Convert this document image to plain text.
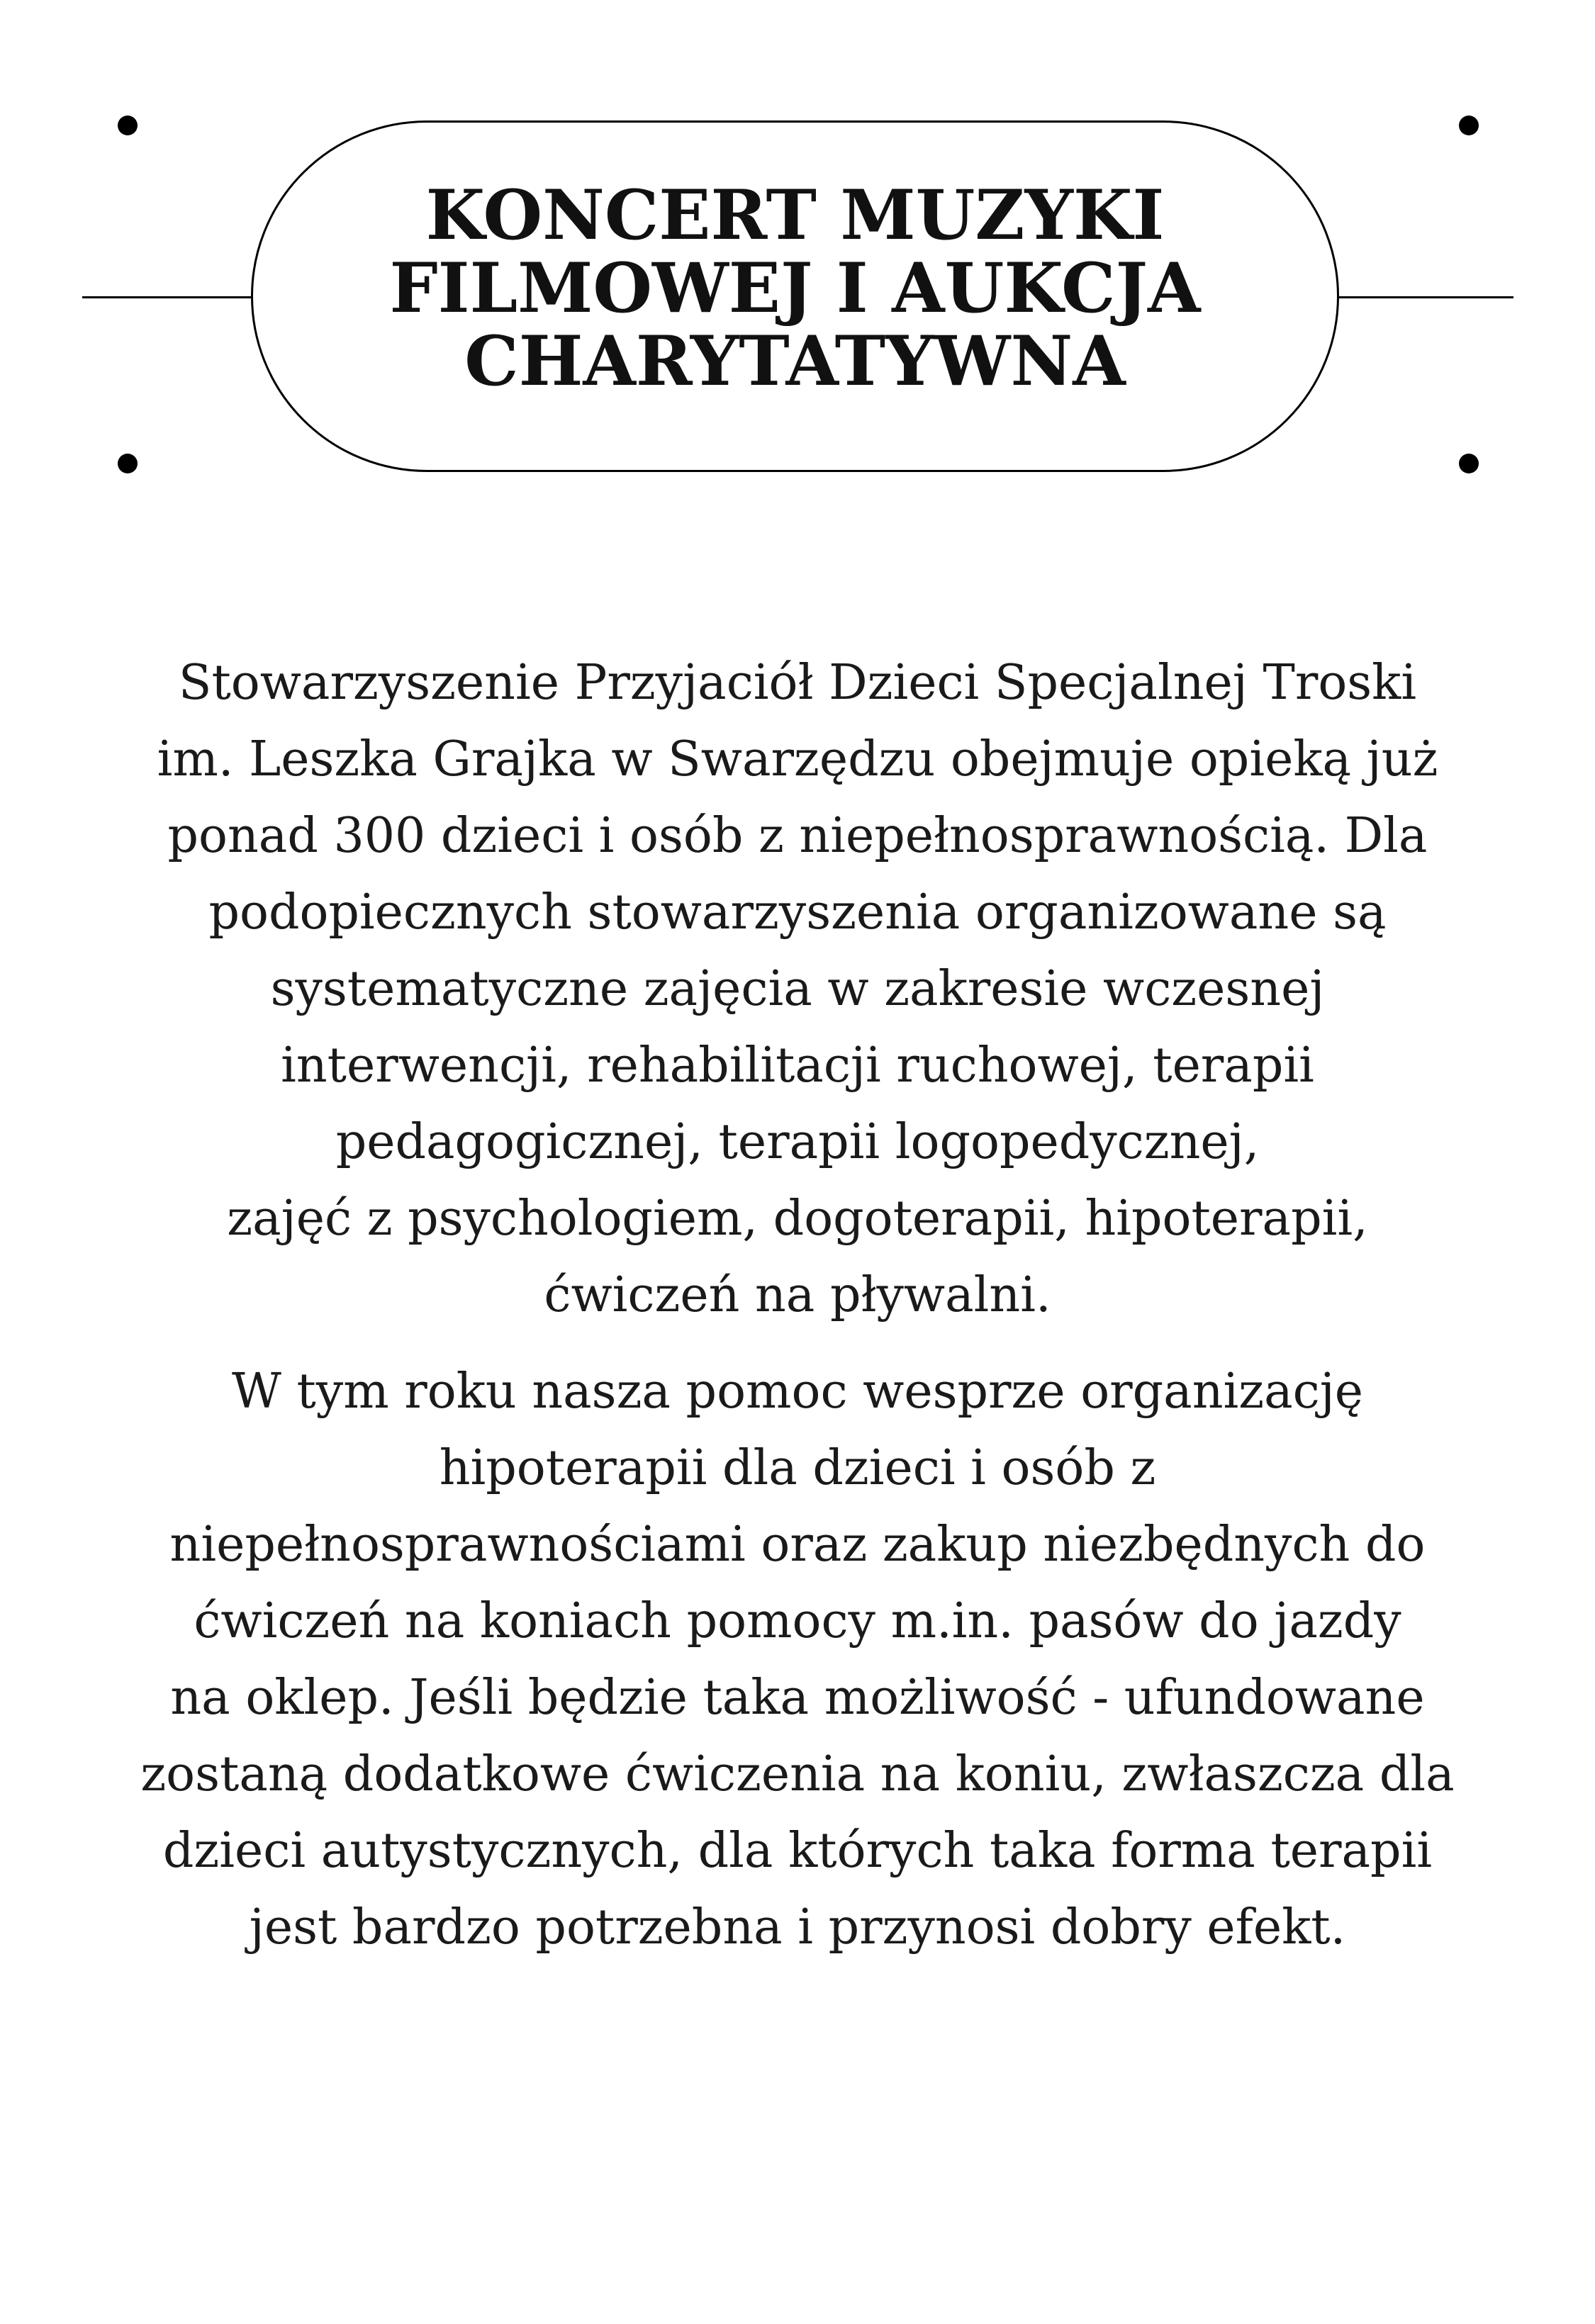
KONCERT MUZYKI
FILMOWEJ I AUKCJA
CHARYTATYWNA

Stowarzyszenie Przyjaciół Dzieci Specjalnej Troski
im. Leszka Grajka w Swarzędzu obejmuje opieką już
ponad 300 dzieci i osób z niepełnosprawnością. Dla
podopiecznych stowarzyszenia organizowane są
systematyczne zajęcia w zakresie wczesnej
interwencji, rehabilitacji ruchowej, terapii
pedagogicznej, terapii logopedycznej,
zajęć z psychologiem, dogoterapii, hipoterapii,
ćwiczeń na pływalni.

W tym roku nasza pomoc wesprze organizację
hipoterapii dla dzieci i osób z
niepełnosprawnościami oraz zakup niezbędnych do
ćwiczeń na koniach pomocy m.in. pasów do jazdy
na oklep. Jeśli będzie taka możliwość - ufundowane
zostaną dodatkowe ćwiczenia na koniu, zwłaszcza dla
dzieci autystycznych, dla których taka forma terapii
jest bardzo potrzebna i przynosi dobry efekt.
